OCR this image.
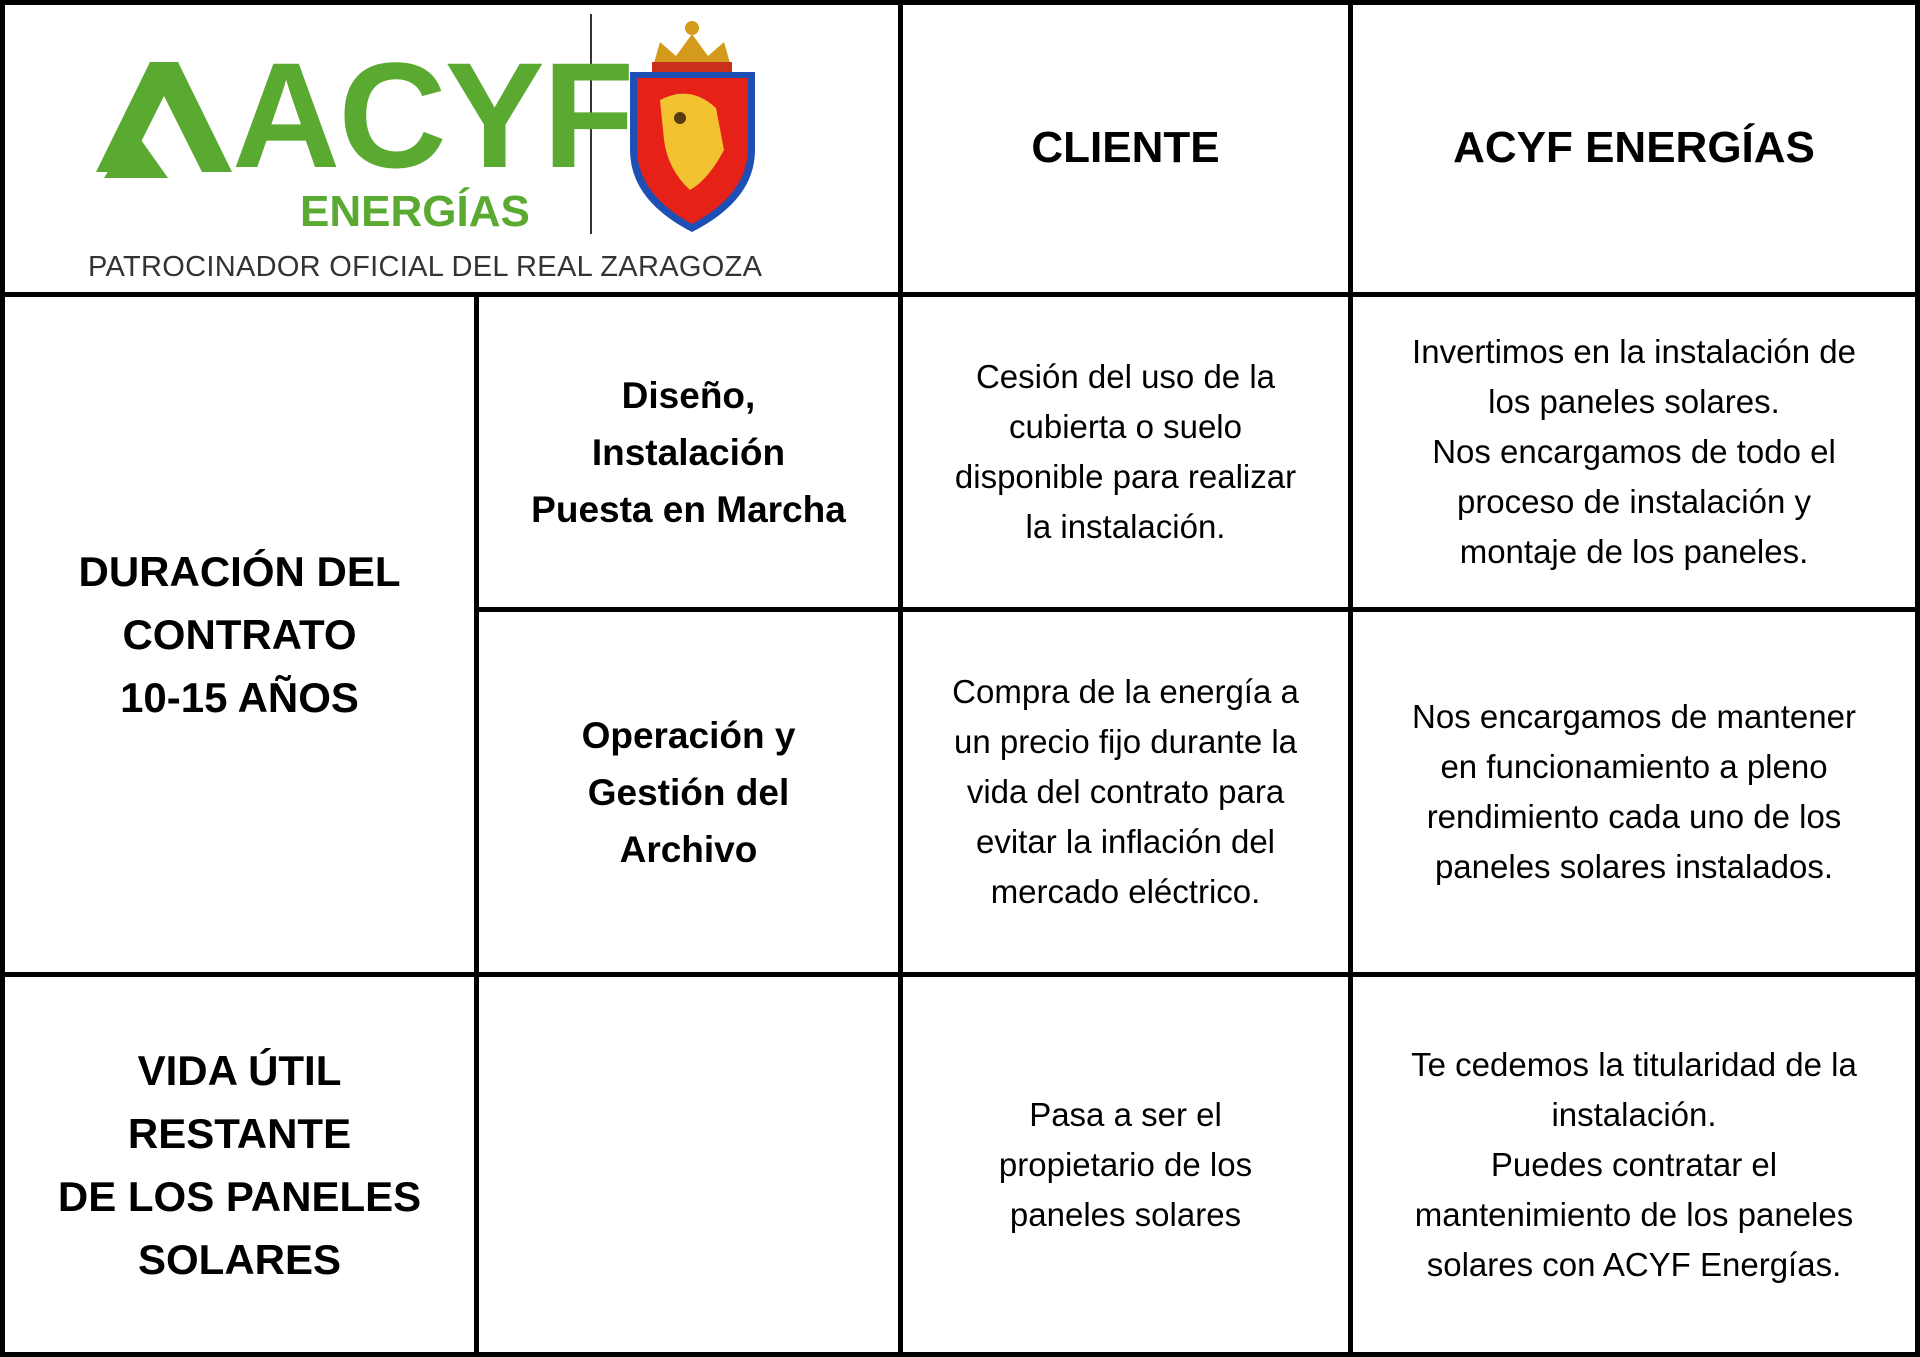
ACYF
ENERGÍAS
PATROCINADOR OFICIAL DEL REAL ZARAGOZA
CLIENTE	ACYF ENERGÍAS
DURACIÓN DEL
CONTRATO
10-15 AÑOS
Diseño,
Instalación
Puesta en Marcha
Cesión del uso de la
cubierta o suelo
disponible para realizar
la instalación.
Invertimos en la instalación de
los paneles solares.
Nos encargamos de todo el
proceso de instalación y
montaje de los paneles.
Operación y
Gestión del
Archivo
Compra de la energía a
un precio fijo durante la
vida del contrato para
evitar la inflación del
mercado eléctrico.
Nos encargamos de mantener
en funcionamiento a pleno
rendimiento cada uno de los
paneles solares instalados.
VIDA ÚTIL
RESTANTE
DE LOS PANELES
SOLARES
Pasa a ser el
propietario de los
paneles solares
Te cedemos la titularidad de la
instalación.
Puedes contratar el
mantenimiento de los paneles
solares con ACYF Energías.
